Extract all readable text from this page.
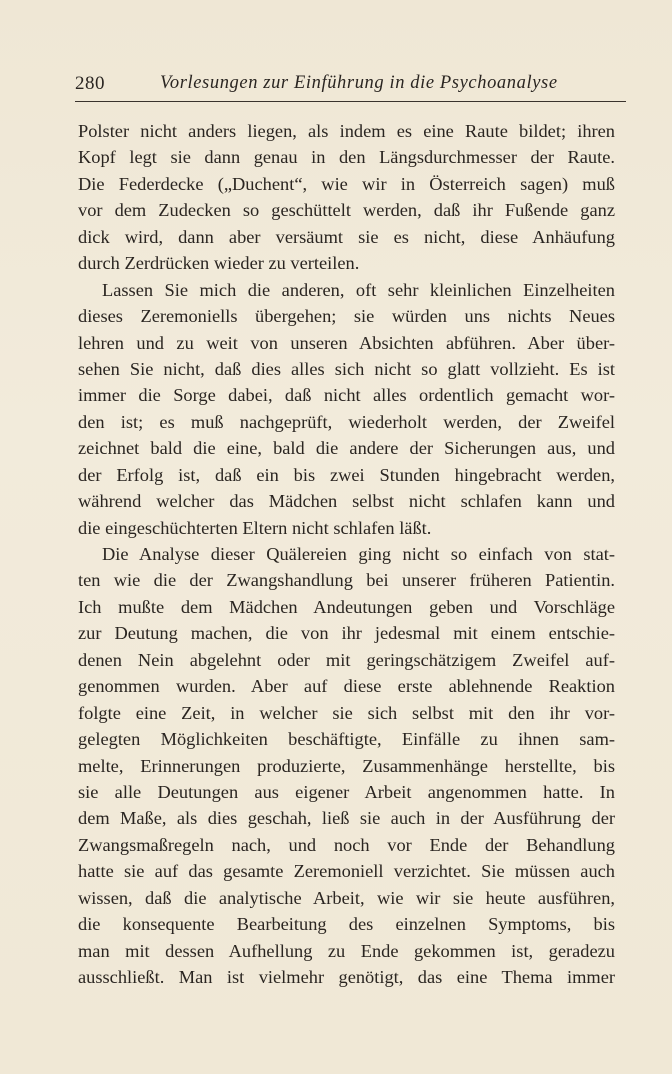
280	Vorlesungen zur Einführung in die Psychoanalyse
Polster nicht anders liegen, als indem es eine Raute bildet; ihren
Kopf legt sie dann genau in den Längsdurchmesser der Raute.
Die Federdecke („Duchent“, wie wir in Österreich sagen) muß
vor dem Zudecken so geschüttelt werden, daß ihr Fußende ganz
dick wird, dann aber versäumt sie es nicht, diese Anhäufung
durch Zerdrücken wieder zu verteilen.
Lassen Sie mich die anderen, oft sehr kleinlichen Einzelheiten
dieses Zeremoniells übergehen; sie würden uns nichts Neues
lehren und zu weit von unseren Absichten abführen. Aber über-
sehen Sie nicht, daß dies alles sich nicht so glatt vollzieht. Es ist
immer die Sorge dabei, daß nicht alles ordentlich gemacht wor-
den ist; es muß nachgeprüft, wiederholt werden, der Zweifel
zeichnet bald die eine, bald die andere der Sicherungen aus, und
der Erfolg ist, daß ein bis zwei Stunden hingebracht werden,
während welcher das Mädchen selbst nicht schlafen kann und
die eingeschüchterten Eltern nicht schlafen läßt.
Die Analyse dieser Quälereien ging nicht so einfach von stat-
ten wie die der Zwangshandlung bei unserer früheren Patientin.
Ich mußte dem Mädchen Andeutungen geben und Vorschläge
zur Deutung machen, die von ihr jedesmal mit einem entschie-
denen Nein abgelehnt oder mit geringschätzigem Zweifel auf-
genommen wurden. Aber auf diese erste ablehnende Reaktion
folgte eine Zeit, in welcher sie sich selbst mit den ihr vor-
gelegten Möglichkeiten beschäftigte, Einfälle zu ihnen sam-
melte, Erinnerungen produzierte, Zusammenhänge herstellte, bis
sie alle Deutungen aus eigener Arbeit angenommen hatte. In
dem Maße, als dies geschah, ließ sie auch in der Ausführung der
Zwangsmaßregeln nach, und noch vor Ende der Behandlung
hatte sie auf das gesamte Zeremoniell verzichtet. Sie müssen auch
wissen, daß die analytische Arbeit, wie wir sie heute ausführen,
die konsequente Bearbeitung des einzelnen Symptoms, bis
man mit dessen Aufhellung zu Ende gekommen ist, geradezu
ausschließt. Man ist vielmehr genötigt, das eine Thema immer
